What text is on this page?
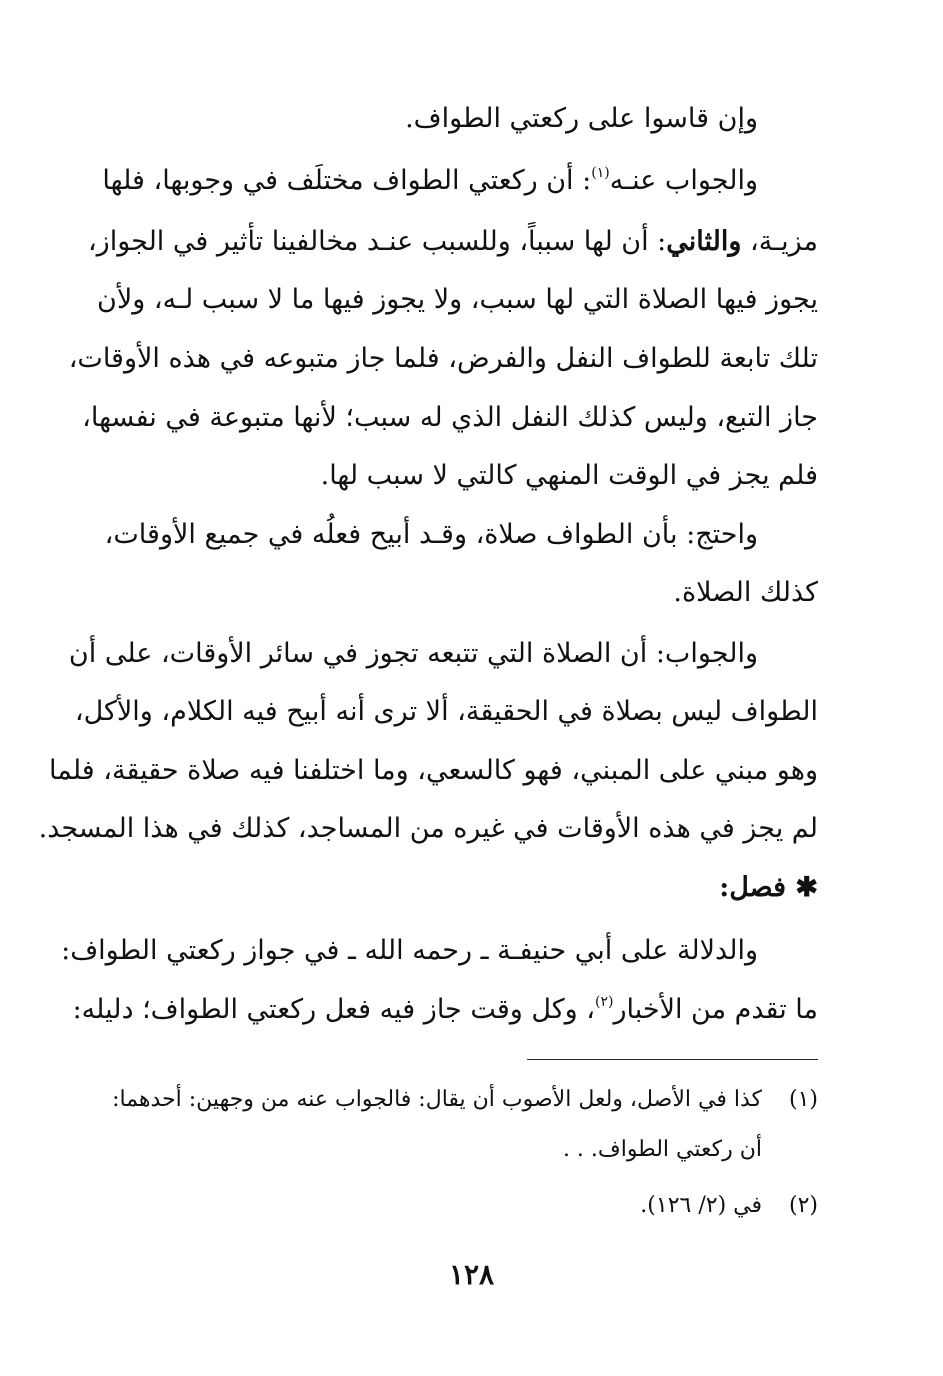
وإن قاسوا على ركعتي الطواف.
والجواب عنـه$^{(١)}$: أن ركعتي الطواف مختلَف في وجوبها، فلها
مزيـة، والثاني: أن لها سبباً، وللسبب عنـد مخالفينا تأثير في الجواز،
يجوز فيها الصلاة التي لها سبب، ولا يجوز فيها ما لا سبب لـه، ولأن
تلك تابعة للطواف النفل والفرض، فلما جاز متبوعه في هذه الأوقات،
جاز التبع، وليس كذلك النفل الذي له سبب؛ لأنها متبوعة في نفسها،
فلم يجز في الوقت المنهي كالتي لا سبب لها.
واحتج: بأن الطواف صلاة، وقـد أبيح فعلُه في جميع الأوقات،
كذلك الصلاة.
والجواب: أن الصلاة التي تتبعه تجوز في سائر الأوقات، على أن
الطواف ليس بصلاة في الحقيقة، ألا ترى أنه أبيح فيه الكلام، والأكل،
وهو مبني على المبني، فهو كالسعي، وما اختلفنا فيه صلاة حقيقة، فلما
لم يجز في هذه الأوقات في غيره من المساجد، كذلك في هذا المسجد.
✱ فصل:
والدلالة على أبي حنيفـة ـ رحمه الله ـ في جواز ركعتي الطواف:
ما تقدم من الأخبار$^{(٢)}$، وكل وقت جاز فيه فعل ركعتي الطواف؛ دليله:
(١)كذا في الأصل، ولعل الأصوب أن يقال: فالجواب عنه من وجهين: أحدهما:
أن ركعتي الطواف. . .
(٢)في (٢/ ١٢٦).
١٢٨
